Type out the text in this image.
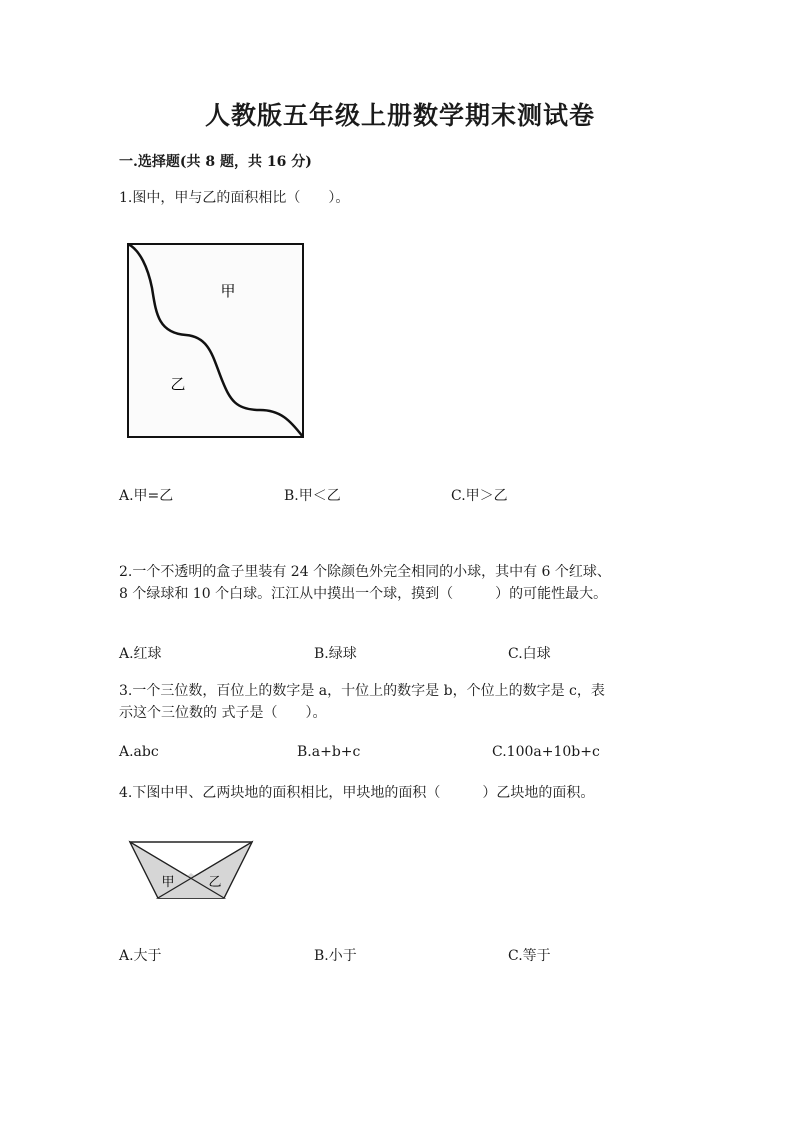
人教版五年级上册数学期末测试卷
一.选择题(共 8 题，共 16 分)
1.图中，甲与乙的面积相比（　　）。
甲
乙
A.甲=乙	B.甲＜乙	C.甲＞乙
2.一个不透明的盒子里装有 24 个除颜色外完全相同的小球，其中有 6 个红球、
8 个绿球和 10 个白球。江江从中摸出一个球，摸到（　　　）的可能性最大。
A.红球	B.绿球	C.白球
3.一个三位数，百位上的数字是 a，十位上的数字是 b，个位上的数字是 c，表
示这个三位数的 式子是（　　）。
A.abc	B.a+b+c	C.100a+10b+c
4.下图中甲、乙两块地的面积相比，甲块地的面积（　　　）乙块地的面积。
甲	乙
A.大于	B.小于	C.等于
